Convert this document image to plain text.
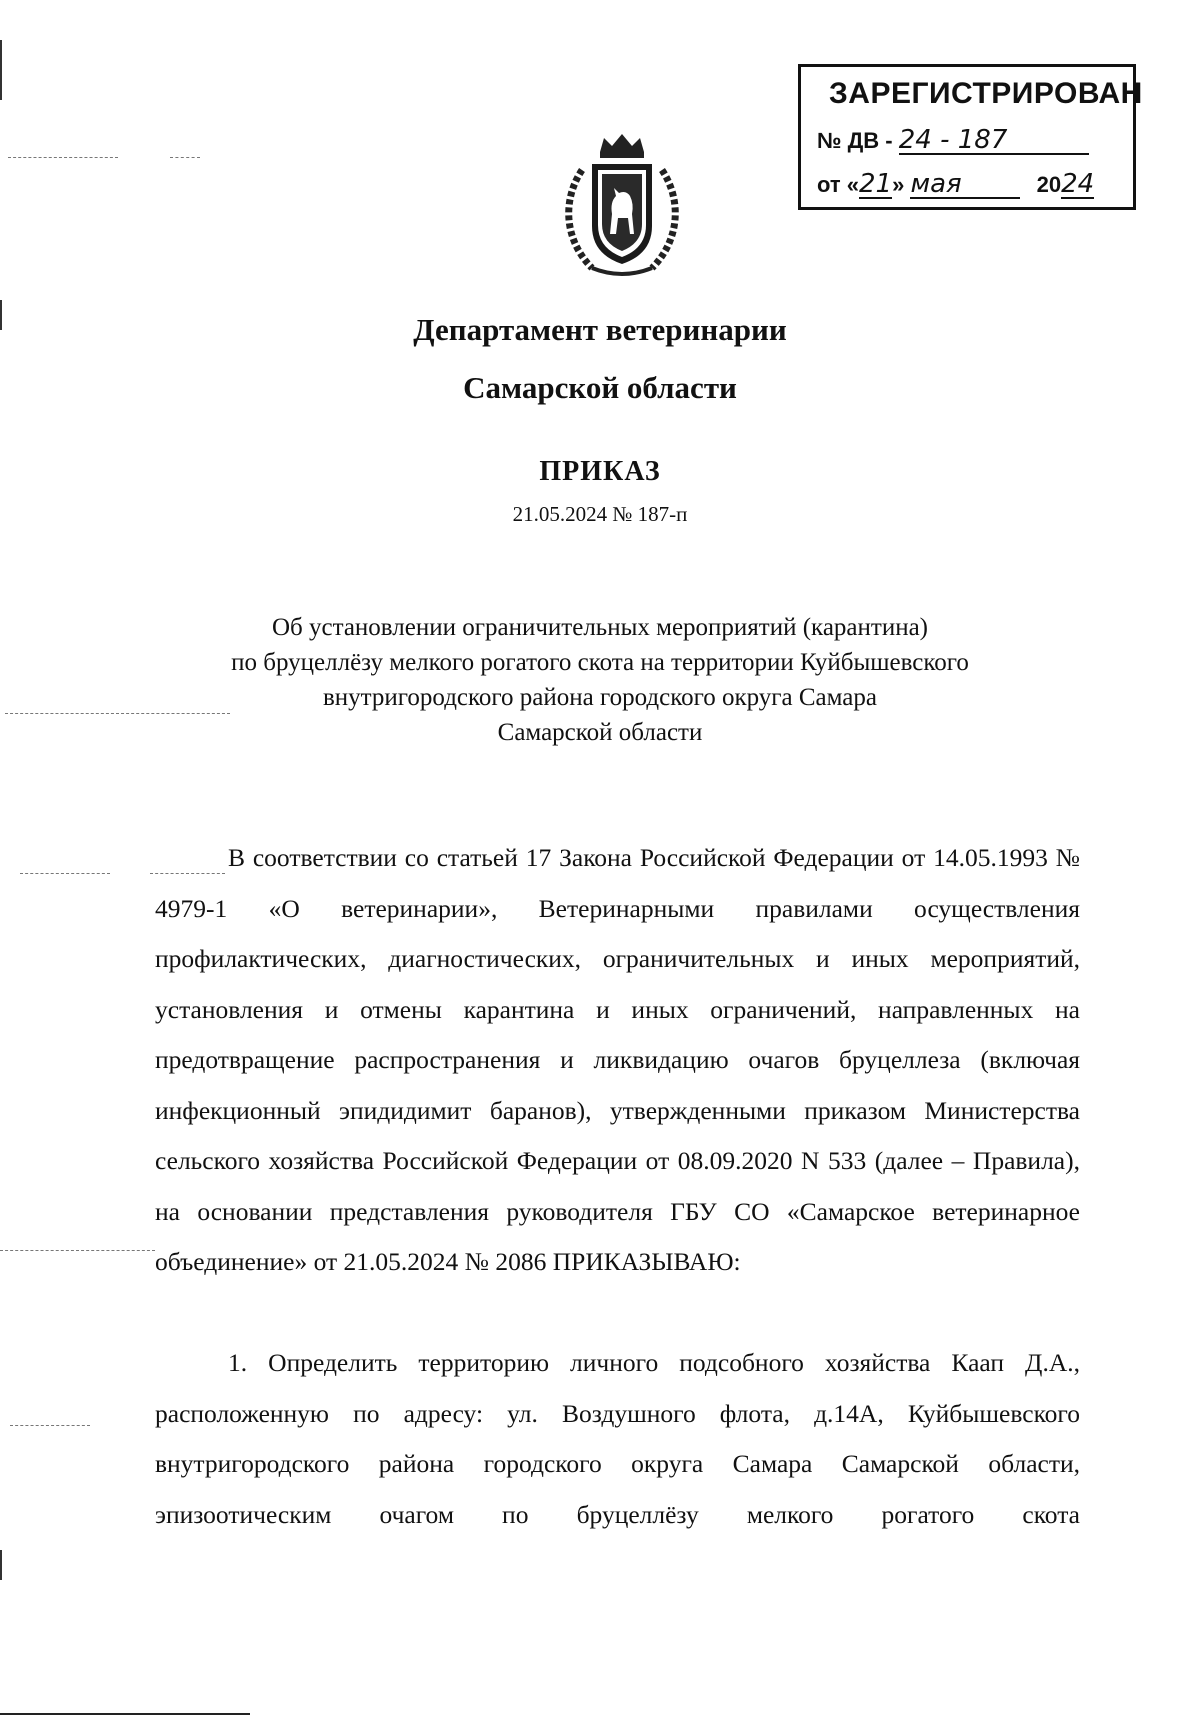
ЗАРЕГИСТРИРОВАН
№ ДВ - 24 - 187
от «21» мая	2024
Департамент ветеринарии
Самарской области
ПРИКАЗ
21.05.2024 № 187-п
Об установлении ограничительных мероприятий (карантина)
по бруцеллёзу мелкого рогатого скота на территории Куйбышевского
внутригородского района городского округа Самара
Самарской области
В соответствии со статьей 17 Закона Российской Федерации от 14.05.1993 № 4979-1 «О ветеринарии», Ветеринарными правилами осуществления профилактических, диагностических, ограничительных и иных мероприятий, установления и отмены карантина и иных ограничений, направленных на предотвращение распространения и ликвидацию очагов бруцеллеза (включая инфекционный эпидидимит баранов), утвержденными приказом Министерства сельского хозяйства Российской Федерации от 08.09.2020 N 533 (далее – Правила), на основании представления руководителя ГБУ СО «Самарское ветеринарное объединение» от 21.05.2024 № 2086 ПРИКАЗЫВАЮ:
1. Определить территорию личного подсобного хозяйства Каап Д.А., расположенную по адресу: ул. Воздушного флота, д.14А, Куйбышевского внутригородского района городского округа Самара Самарской области, эпизоотическим очагом по бруцеллёзу мелкого рогатого скота
